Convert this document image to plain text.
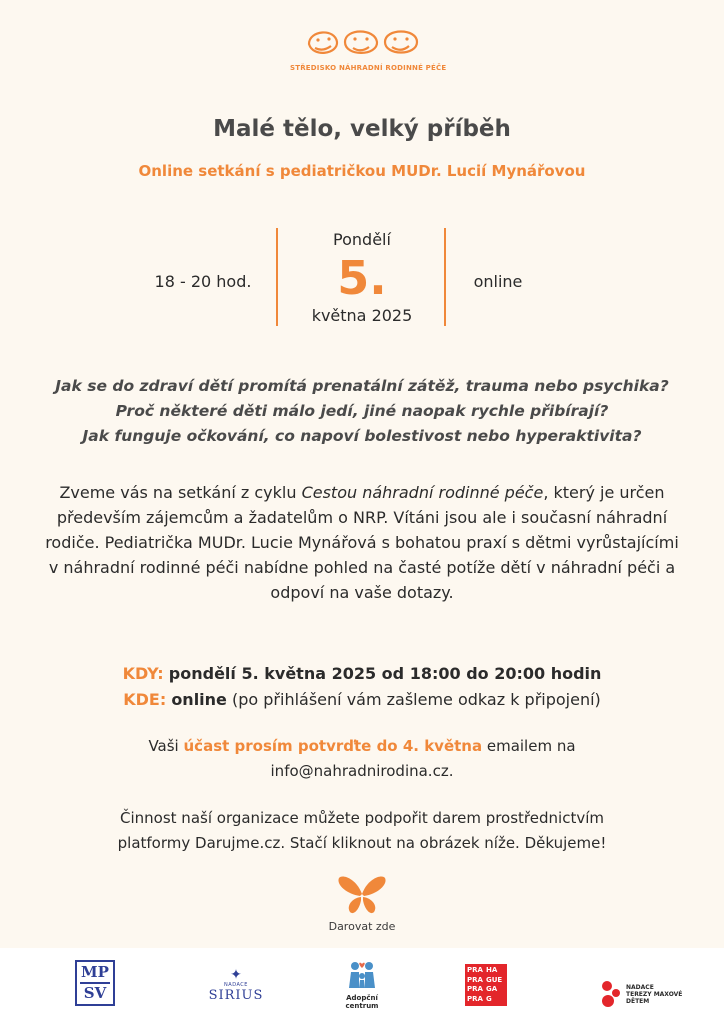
STŘEDISKO NÁHRADNÍ RODINNÉ PÉČE
Malé tělo, velký příběh
Online setkání s pediatričkou MUDr. Lucií Mynářovou
18 - 20 hod.
Pondělí
5.
května 2025
online
Jak se do zdraví dětí promítá prenatální zátěž, trauma nebo psychika?
Proč některé děti málo jedí, jiné naopak rychle přibírají?
Jak funguje očkování, co napoví bolestivost nebo hyperaktivita?
Zveme vás na setkání z cyklu Cestou náhradní rodinné péče, který je určen především zájemcům a žadatelům o NRP. Vítáni jsou ale i současní náhradní rodiče. Pediatrička MUDr. Lucie Mynářová s bohatou praxí s dětmi vyrůstajícími v náhradní rodinné péči nabídne pohled na časté potíže dětí v náhradní péči a odpoví na vaše dotazy.
KDY: pondělí 5. května 2025 od 18:00 do 20:00 hodin
KDE: online (po přihlášení vám zašleme odkaz k připojení)
Vaši účast prosím potvrďte do 4. května emailem na
info@nahradnirodina.cz.
Činnost naší organizace můžete podpořit darem prostřednictvím
platformy Darujme.cz. Stačí kliknout na obrázek níže. Děkujeme!
Darovat zde
MP
SV
✦
NADACE
SIRIUS	Adopční
centrum
PRA HA
PRA GUE
PRA GA
PRA G
NADACE
TEREZY MAXOVÉ
DĚTEM
